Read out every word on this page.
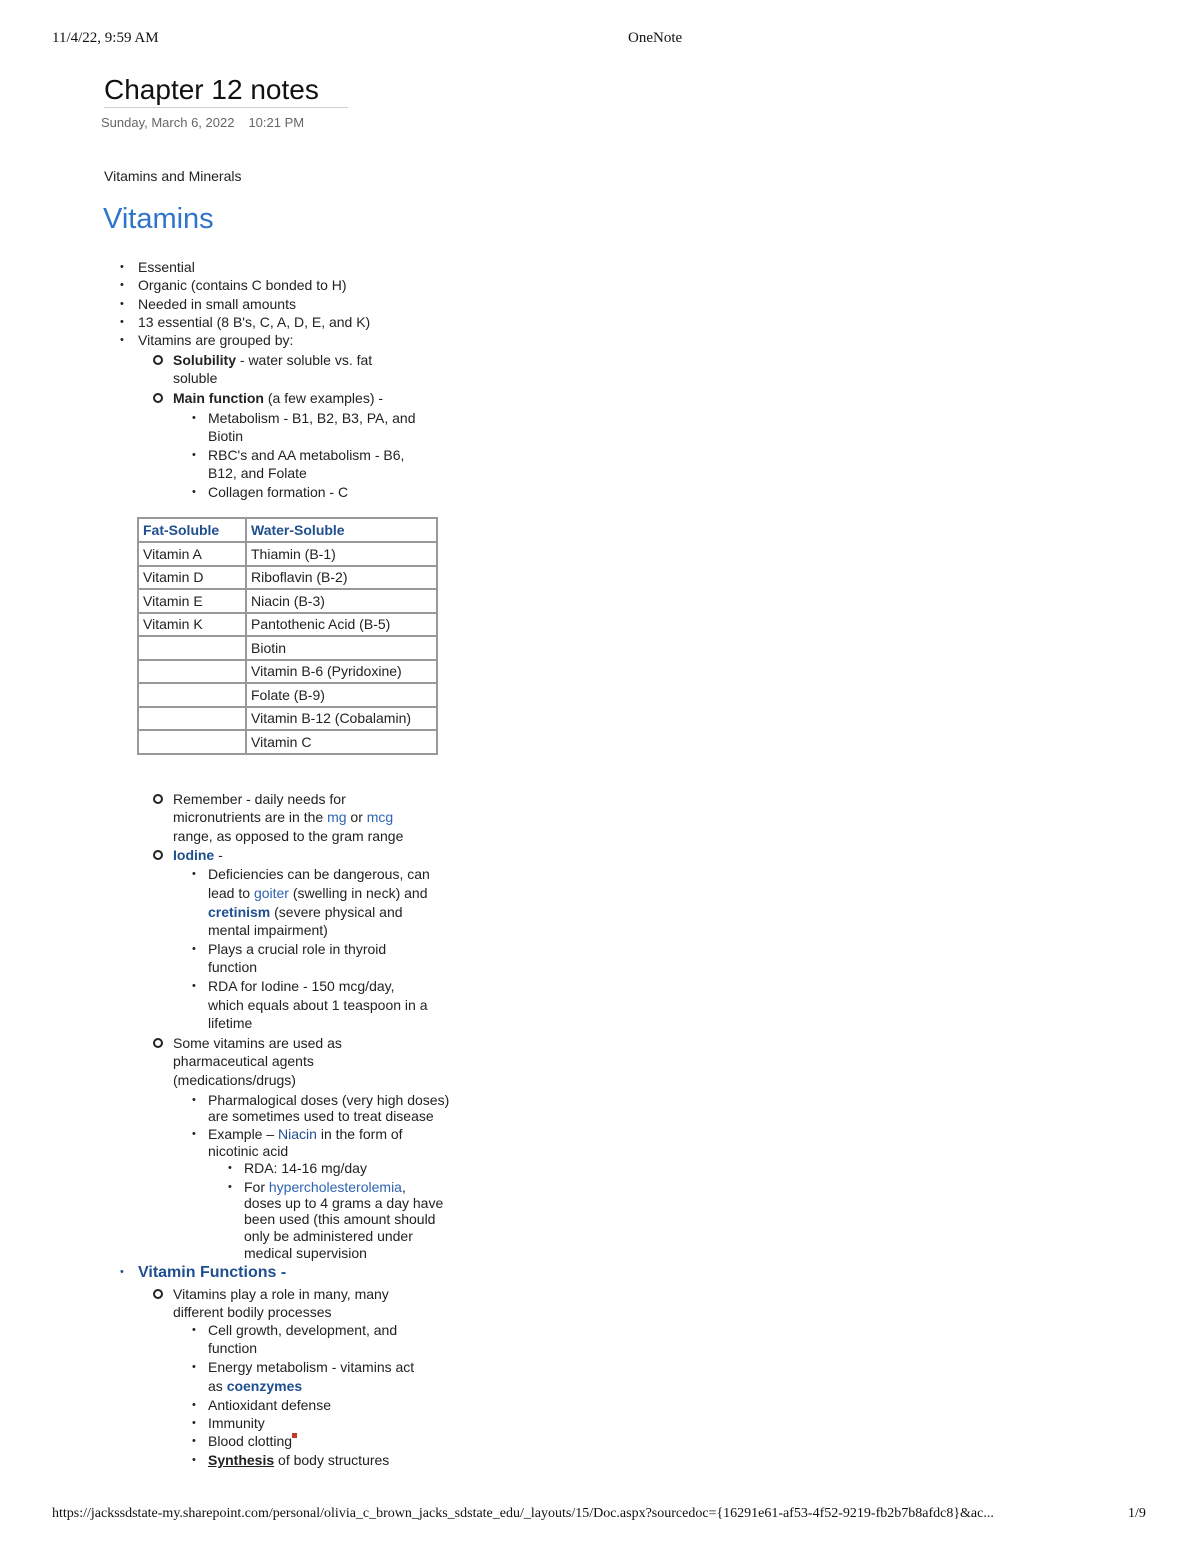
11/4/22, 9:59 AM	OneNote
Chapter 12 notes
Sunday, March 6, 2022 10:21 PM
Vitamins and Minerals
Vitamins
• Essential
• Organic (contains C bonded to H)
• Needed in small amounts
• 13 essential (8 B's, C, A, D, E, and K)
• Vitamins are grouped by:
Solubility - water soluble vs. fat
soluble
Main function (a few examples) -
• Metabolism - B1, B2, B3, PA, and
Biotin
• RBC's and AA metabolism - B6,
B12, and Folate
• Collagen formation - C
Fat-Soluble	Water-Soluble
Vitamin A	Thiamin (B-1)
Vitamin D	Riboflavin (B-2)
Vitamin E	Niacin (B-3)
Vitamin K	Pantothenic Acid (B-5)
	Biotin
	Vitamin B-6 (Pyridoxine)
	Folate (B-9)
	Vitamin B-12 (Cobalamin)
	Vitamin C
Remember - daily needs for
micronutrients are in the mg or mcg
range, as opposed to the gram range
Iodine -
• Deficiencies can be dangerous, can
lead to goiter (swelling in neck) and
cretinism (severe physical and
mental impairment)
• Plays a crucial role in thyroid
function
• RDA for Iodine - 150 mcg/day,
which equals about 1 teaspoon in a
lifetime
Some vitamins are used as
pharmaceutical agents
(medications/drugs)
• Pharmalogical doses (very high doses)
are sometimes used to treat disease
• Example – Niacin in the form of
nicotinic acid
• RDA: 14-16 mg/day
• For hypercholesterolemia,
doses up to 4 grams a day have
been used (this amount should
only be administered under
medical supervision
• Vitamin Functions -
Vitamins play a role in many, many
different bodily processes
• Cell growth, development, and
function
• Energy metabolism - vitamins act
as coenzymes
• Antioxidant defense
• Immunity
• Blood clotting
• Synthesis of body structures
https://jackssdstate-my.sharepoint.com/personal/olivia_c_brown_jacks_sdstate_edu/_layouts/15/Doc.aspx?sourcedoc={16291e61-af53-4f52-9219-fb2b7b8afdc8}&ac...	1/9
